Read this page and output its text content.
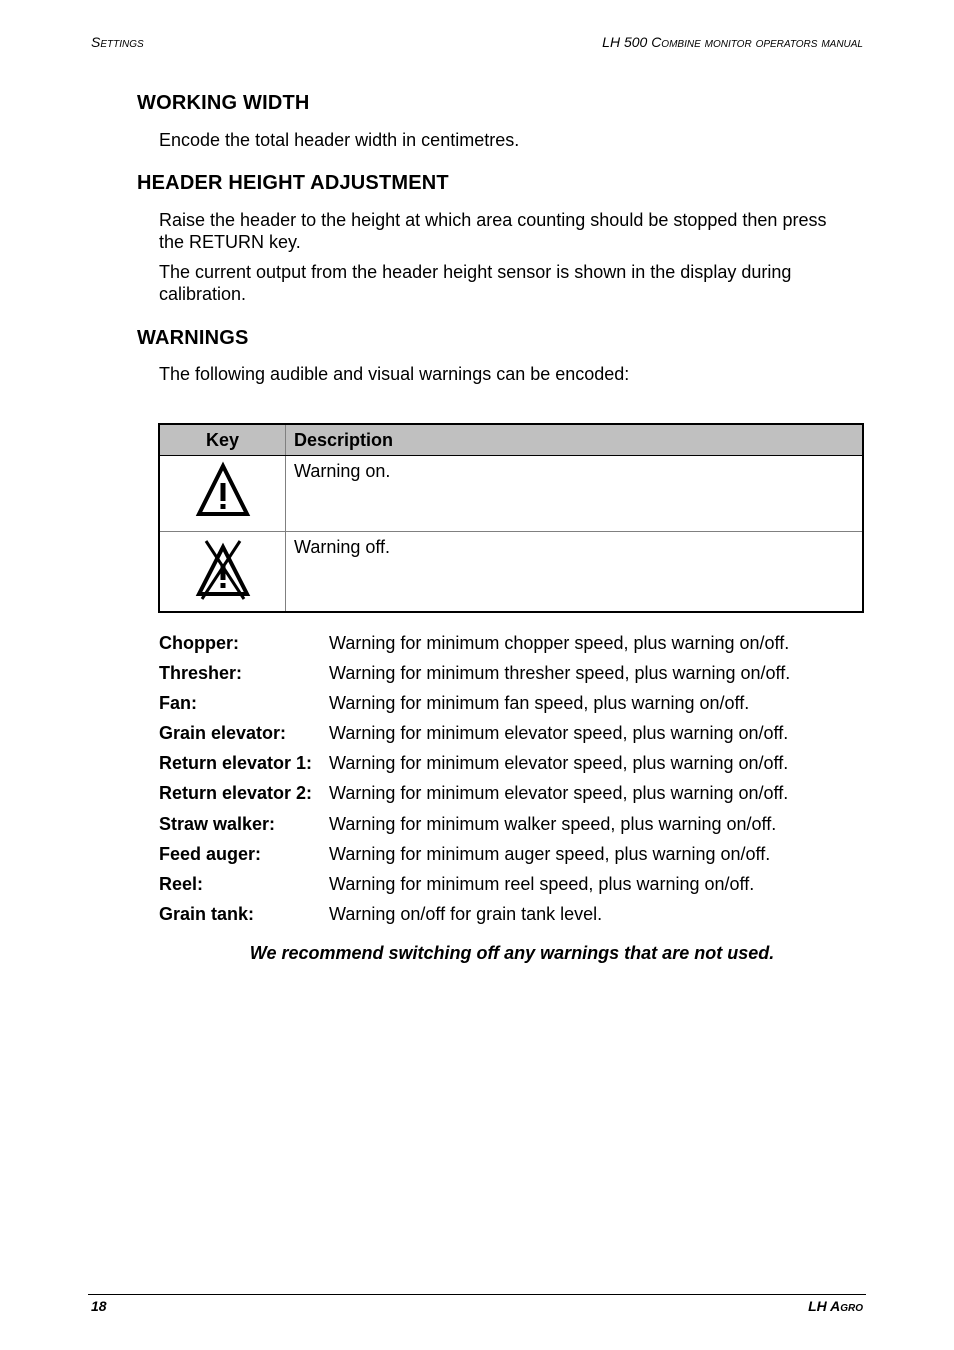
Settings	LH 500 Combine monitor operators manual
WORKING WIDTH

Encode the total header width in centimetres.

HEADER HEIGHT ADJUSTMENT

Raise the header to the height at which area counting should be stopped then press the RETURN key.

The current output from the header height sensor is shown in the display during calibration.

WARNINGS

The following audible and visual warnings can be encoded:

Key	Description
	Warning on.
	Warning off.
Chopper:	Warning for minimum chopper speed, plus warning on/off.
Thresher:	Warning for minimum thresher speed, plus warning on/off.
Fan:	Warning for minimum fan speed, plus warning on/off.
Grain elevator: Warning for minimum elevator speed, plus warning on/off.
Return elevator 1: Warning for minimum elevator speed, plus warning on/off.
Return elevator 2: Warning for minimum elevator speed, plus warning on/off.
Straw walker:	Warning for minimum walker speed, plus warning on/off.
Feed auger:	Warning for minimum auger speed, plus warning on/off.
Reel:	Warning for minimum reel speed, plus warning on/off.
Grain tank:	Warning on/off for grain tank level.
We recommend switching off any warnings that are not used.
18	LH Agro
